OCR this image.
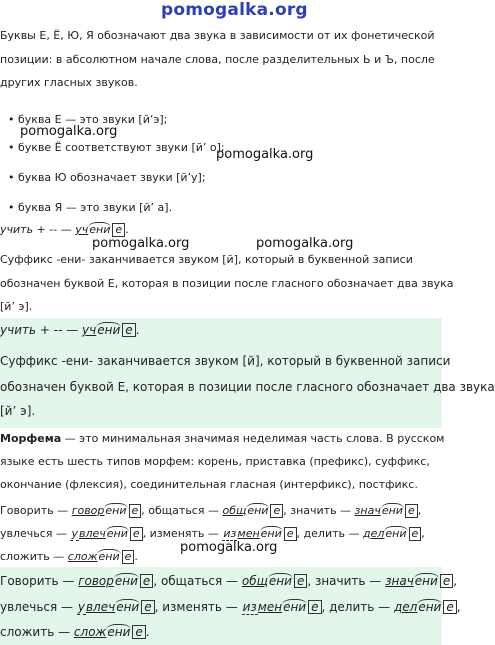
pomogalka.org
pomogalka.org
pomogalka.org
pomogalka.org	pomogalka.org
pomogalka.org
Буквы Е, Ё, Ю, Я обозначают два звука в зависимости от их фонетической
позиции: в абсолютном начале слова, после разделительных Ь и Ъ, после
других гласных звуков.
• буква Е — это звуки [й’э];
• букве Ё соответствуют звуки [й’ о];
• буква Ю обозначает звуки [й’у];
• буква Я — это звуки [й’ а].
учить + -- — учени е .
Суффикс -ени- заканчивается звуком [й], который в буквенной записи
обозначен буквой Е, которая в позиции после гласного обозначает два звука
[й’ э].
учить + -- — учени е .
Суффикс -ени- заканчивается звуком [й], который в буквенной записи
обозначен буквой Е, которая в позиции после гласного обозначает два звука
[й’ э].
Морфема — это минимальная значимая неделимая часть слова. В русском
языке есть шесть типов морфем: корень, приставка (префикс), суффикс,
окончание (флексия), соединительная гласная (интерфикс), постфикс.
Говорить — говорени е , общаться — общени е , значить — значени е ,
увлечься — увлечени е , изменять — изменени е , делить — делени е ,
сложить — сложени е .
Говорить — говорени е , общаться — общени е , значить — значени е ,
увлечься — увлечени е , изменять — изменени е , делить — делени е ,
сложить — сложени е .
